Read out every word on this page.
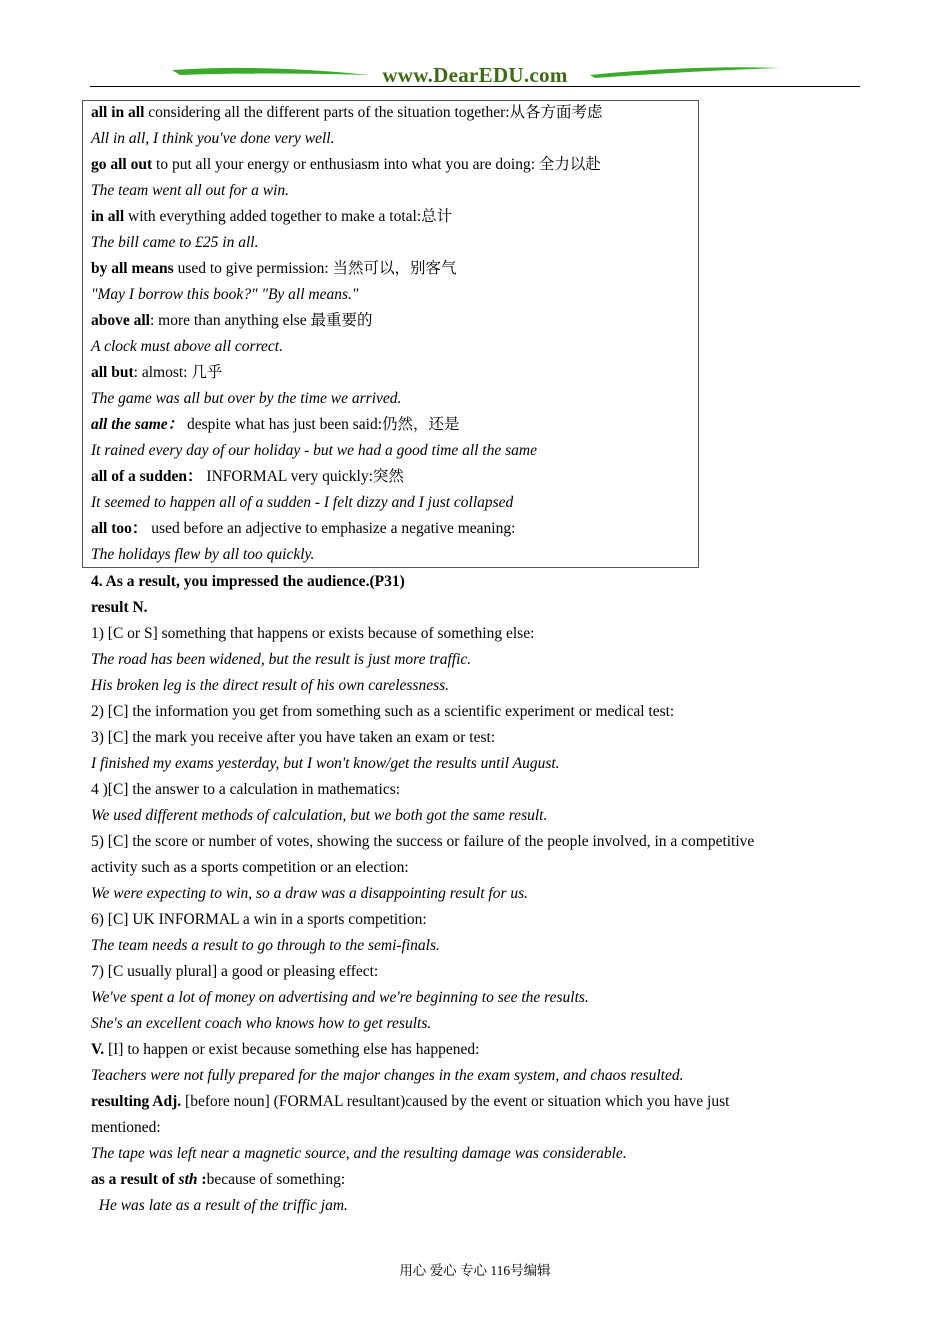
www.DearEDU.com
all in all considering all the different parts of the situation together:从各方面考虑
All in all, I think you've done very well.
go all out to put all your energy or enthusiasm into what you are doing: 全力以赴
The team went all out for a win.
in all with everything added together to make a total:总计
The bill came to £25 in all.
by all means used to give permission: 当然可以，别客气
"May I borrow this book?" "By all means."
above all: more than anything else 最重要的
A clock must above all correct.
all but: almost: 几乎
The game was all but over by the time we arrived.
all the same： despite what has just been said:仍然，还是
It rained every day of our holiday - but we had a good time all the same
all of a sudden： INFORMAL very quickly:突然
It seemed to happen all of a sudden - I felt dizzy and I just collapsed
all too： used before an adjective to emphasize a negative meaning:
The holidays flew by all too quickly.
4. As a result, you impressed the audience.(P31)
result N.
1) [C or S] something that happens or exists because of something else:
The road has been widened, but the result is just more traffic.
His broken leg is the direct result of his own carelessness.
2) [C] the information you get from something such as a scientific experiment or medical test:
3) [C] the mark you receive after you have taken an exam or test:
I finished my exams yesterday, but I won't know/get the results until August.
4 )[C] the answer to a calculation in mathematics:
We used different methods of calculation, but we both got the same result.
5) [C] the score or number of votes, showing the success or failure of the people involved, in a competitive
activity such as a sports competition or an election:
We were expecting to win, so a draw was a disappointing result for us.
6) [C] UK INFORMAL a win in a sports competition:
The team needs a result to go through to the semi-finals.
7) [C usually plural] a good or pleasing effect:
We've spent a lot of money on advertising and we're beginning to see the results.
She's an excellent coach who knows how to get results.
V. [I] to happen or exist because something else has happened:
Teachers were not fully prepared for the major changes in the exam system, and chaos resulted.
resulting Adj. [before noun] (FORMAL resultant)caused by the event or situation which you have just
mentioned:
The tape was left near a magnetic source, and the resulting damage was considerable.
as a result of sth :because of something:
He was late as a result of the triffic jam.
用心 爱心 专心 116号编辑
